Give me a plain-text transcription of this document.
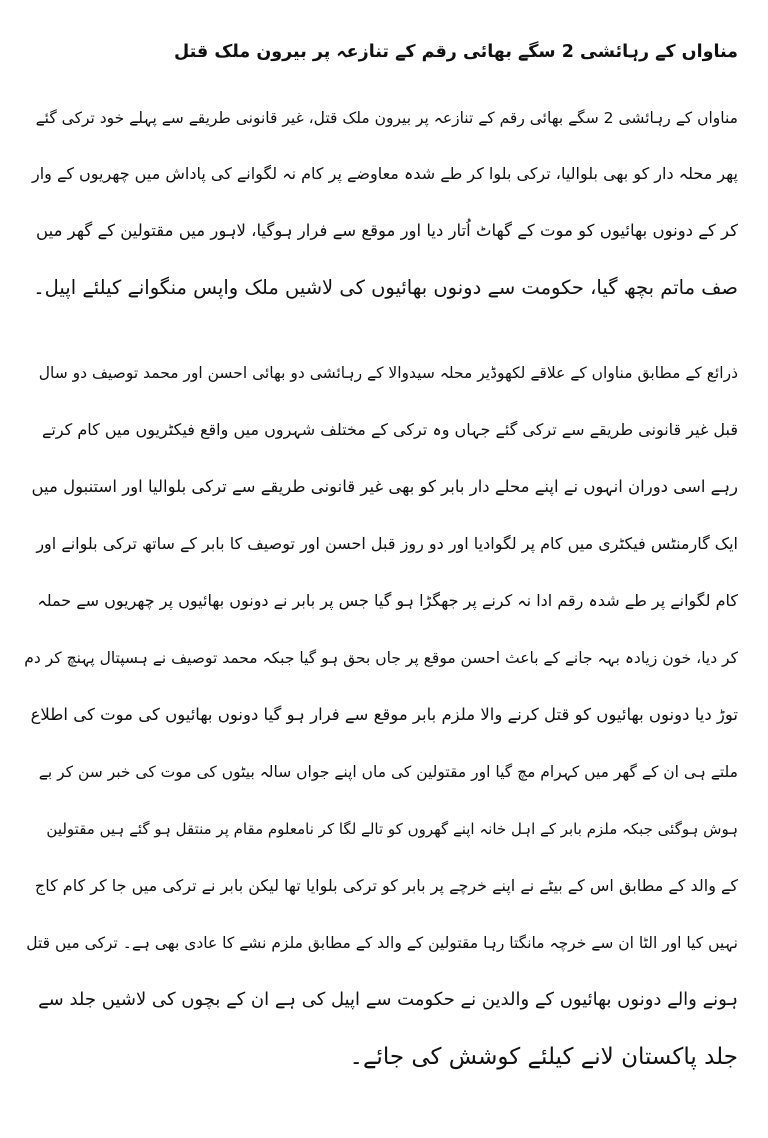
مناواں کے رہائشی 2 سگے بھائی رقم کے تنازعہ پر بیرون ملک قتل
مناواں کے رہائشی 2 سگے بھائی رقم کے تنازعہ پر بیرون ملک قتل، غیر قانونی طریقے سے پہلے خود ترکی گئے
پھر محلہ دار کو بھی بلوالیا، ترکی بلوا کر طے شدہ معاوضے پر کام نہ لگوانے کی پاداش میں چھریوں کے وار
کر کے دونوں بھائیوں کو موت کے گھاٹ اُتار دیا اور موقع سے فرار ہوگیا، لاہور میں مقتولین کے گھر میں
صف ماتم بچھ گیا، حکومت سے دونوں بھائیوں کی لاشیں ملک واپس منگوانے کیلئے اپیل۔
ذرائع کے مطابق مناواں کے علاقے لکھوڈیر محلہ سیدوالا کے رہائشی دو بھائی احسن اور محمد توصیف دو سال
قبل غیر قانونی طریقے سے ترکی گئے جہاں وہ ترکی کے مختلف شہروں میں واقع فیکٹریوں میں کام کرتے
رہے اسی دوران انہوں نے اپنے محلے دار بابر کو بھی غیر قانونی طریقے سے ترکی بلوالیا اور استنبول میں
ایک گارمنٹس فیکٹری میں کام پر لگوادیا اور دو روز قبل احسن اور توصیف کا بابر کے ساتھ ترکی بلوانے اور
کام لگوانے پر طے شدہ رقم ادا نہ کرنے پر جھگڑا ہو گیا جس پر بابر نے دونوں بھائیوں پر چھریوں سے حملہ
کر دیا، خون زیادہ بہہ جانے کے باعث احسن موقع پر جاں بحق ہو گیا جبکہ محمد توصیف نے ہسپتال پہنچ کر دم
توڑ دیا دونوں بھائیوں کو قتل کرنے والا ملزم بابر موقع سے فرار ہو گیا دونوں بھائیوں کی موت کی اطلاع
ملتے ہی ان کے گھر میں کہرام مچ گیا اور مقتولین کی ماں اپنے جواں سالہ بیٹوں کی موت کی خبر سن کر بے
ہوش ہوگئی جبکہ ملزم بابر کے اہل خانہ اپنے گھروں کو تالے لگا کر نامعلوم مقام پر منتقل ہو گئے ہیں مقتولین
کے والد کے مطابق اس کے بیٹے نے اپنے خرچے پر بابر کو ترکی بلوایا تھا لیکن بابر نے ترکی میں جا کر کام کاج
نہیں کیا اور الٹا ان سے خرچہ مانگتا رہا مقتولین کے والد کے مطابق ملزم نشے کا عادی بھی ہے۔ ترکی میں قتل
ہونے والے دونوں بھائیوں کے والدین نے حکومت سے اپیل کی ہے ان کے بچوں کی لاشیں جلد سے
جلد پاکستان لانے کیلئے کوشش کی جائے۔
